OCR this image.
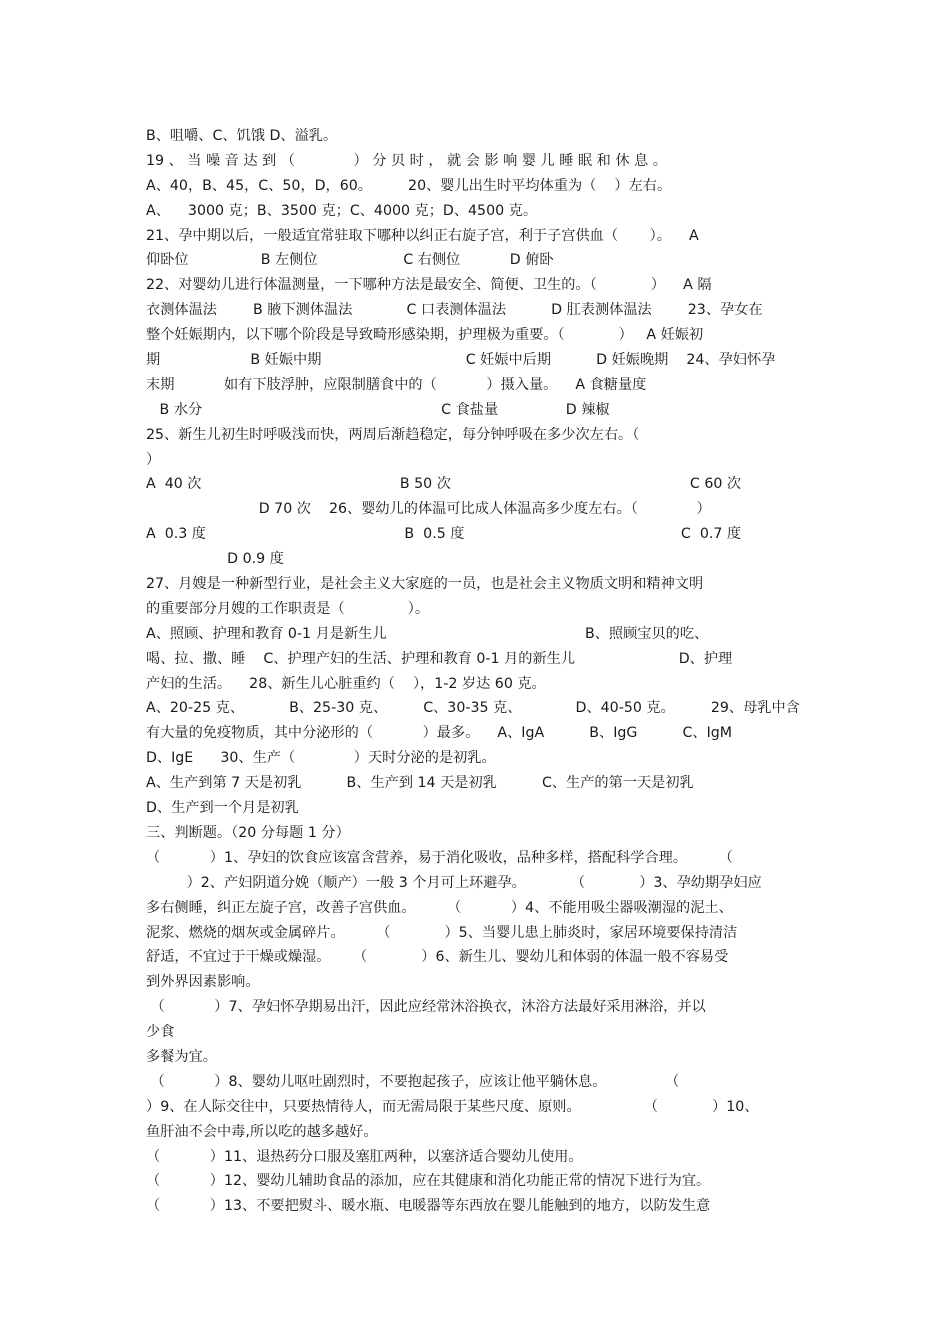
B、咀嚼、C、饥饿 D、溢乳。
19 、 当 噪 音 达 到 （             ） 分 贝 时 ， 就 会 影 响 婴 儿 睡 眠 和 休 息 。
A、40，B、45，C、50，D，60。        20、婴儿出生时平均体重为（    ）左右。
A、    3000 克；B、3500 克；C、4000 克；D、4500 克。
21、孕中期以后，一般适宜常驻取下哪种以纠正右旋子宫，利于子宫供血（       ）。    A
仰卧位                B 左侧位                   C 右侧位           D 俯卧
22、对婴幼儿进行体温测量，一下哪种方法是最安全、简便、卫生的。（            ）    A 隔
衣测体温法        B 腋下测体温法            C 口表测体温法          D 肛表测体温法        23、孕女在
整个妊娠期内，以下哪个阶段是导致畸形感染期，护理极为重要。（            ）   A 妊娠初
期                    B 妊娠中期                                C 妊娠中后期          D 妊娠晚期    24、孕妇怀孕
末期           如有下肢浮肿，应限制膳食中的（           ）摄入量。    A 食糖量度
B 水分                                                     C 食盐量               D 辣椒
25、新生儿初生时呼吸浅而快，两周后渐趋稳定，每分钟呼吸在多少次左右。（
）
A  40 次                                            B 50 次                                                     C 60 次
D 70 次    26、婴幼儿的体温可比成人体温高多少度左右。（             ）
A  0.3 度                                            B  0.5 度                                                C  0.7 度
D 0.9 度
27、月嫂是一种新型行业，是社会主义大家庭的一员，也是社会主义物质文明和精神文明
的重要部分月嫂的工作职责是（              ）。
A、照顾、护理和教育 0-1 月是新生儿                                            B、照顾宝贝的吃、
喝、拉、撒、睡    C、护理产妇的生活、护理和教育 0-1 月的新生儿                       D、护理
产妇的生活。    28、新生儿心脏重约（    ），1-2 岁达 60 克。
A、20-25 克、          B、25-30 克、        C、30-35 克、            D、40-50 克。        29、母乳中含
有大量的免疫物质，其中分泌形的（           ）最多。    A、IgA          B、IgG          C、IgM
D、IgE      30、生产（             ）天时分泌的是初乳。
A、生产到第 7 天是初乳          B、生产到 14 天是初乳          C、生产的第一天是初乳
D、生产到一个月是初乳
三、判断题。（20 分每题 1 分）
（           ）1、孕妇的饮食应该富含营养，易于消化吸收，品种多样，搭配科学合理。       （
）2、产妇阴道分娩（顺产）一般 3 个月可上环避孕。          （            ）3、孕幼期孕妇应
多右侧睡，纠正左旋子宫，改善子宫供血。       （           ）4、不能用吸尘器吸潮湿的泥土、
泥浆、燃烧的烟灰或金属碎片。       （            ）5、当婴儿患上肺炎时，家居环境要保持清洁
舒适，不宜过于干燥或燥湿。     （            ）6、新生儿、婴幼儿和体弱的体温一般不容易受
到外界因素影响。
（           ）7、孕妇怀孕期易出汗，因此应经常沐浴换衣，沐浴方法最好采用淋浴，并以
少食
多餐为宜。
（           ）8、婴幼儿呕吐剧烈时，不要抱起孩子，应该让他平躺休息。             （
）9、在人际交往中，只要热情待人，而无需局限于某些尺度、原则。              （            ）10、
鱼肝油不会中毒,所以吃的越多越好。
（           ）11、退热药分口服及塞肛两种，以塞济适合婴幼儿使用。
（           ）12、婴幼儿辅助食品的添加，应在其健康和消化功能正常的情况下进行为宜。
（           ）13、不要把熨斗、暖水瓶、电暖器等东西放在婴儿能触到的地方，以防发生意
